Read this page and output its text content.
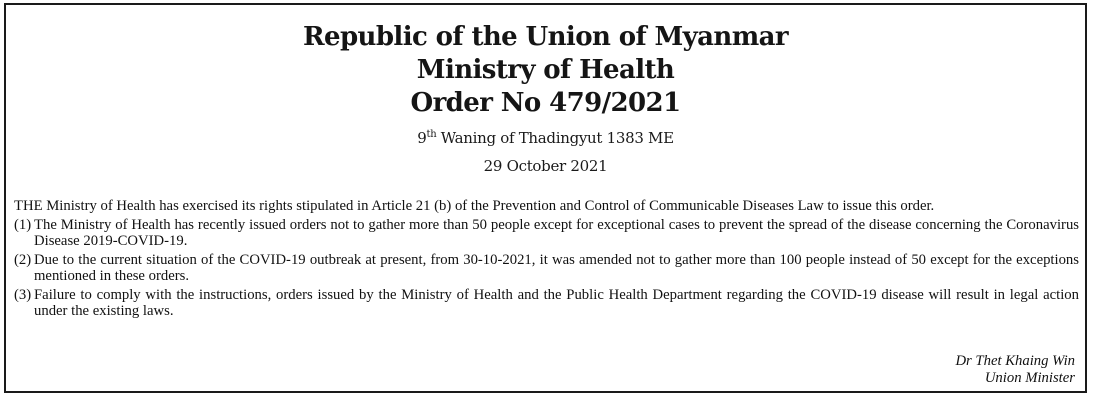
Republic of the Union of Myanmar
Ministry of Health
Order No 479/2021
9th Waning of Thadingyut 1383 ME
29 October 2021
THE Ministry of Health has exercised its rights stipulated in Article 21 (b) of the Prevention and Control of Communicable Diseases Law to issue this order.
(1) The Ministry of Health has recently issued orders not to gather more than 50 people except for exceptional cases to prevent the spread of the disease concerning the Coronavirus Disease 2019-COVID-19.
(2) Due to the current situation of the COVID-19 outbreak at present, from 30-10-2021, it was amended not to gather more than 100 people instead of 50 except for the exceptions mentioned in these orders.
(3) Failure to comply with the instructions, orders issued by the Ministry of Health and the Public Health Department regarding the COVID-19 disease will result in legal action under the existing laws.
Dr Thet Khaing Win
Union Minister
